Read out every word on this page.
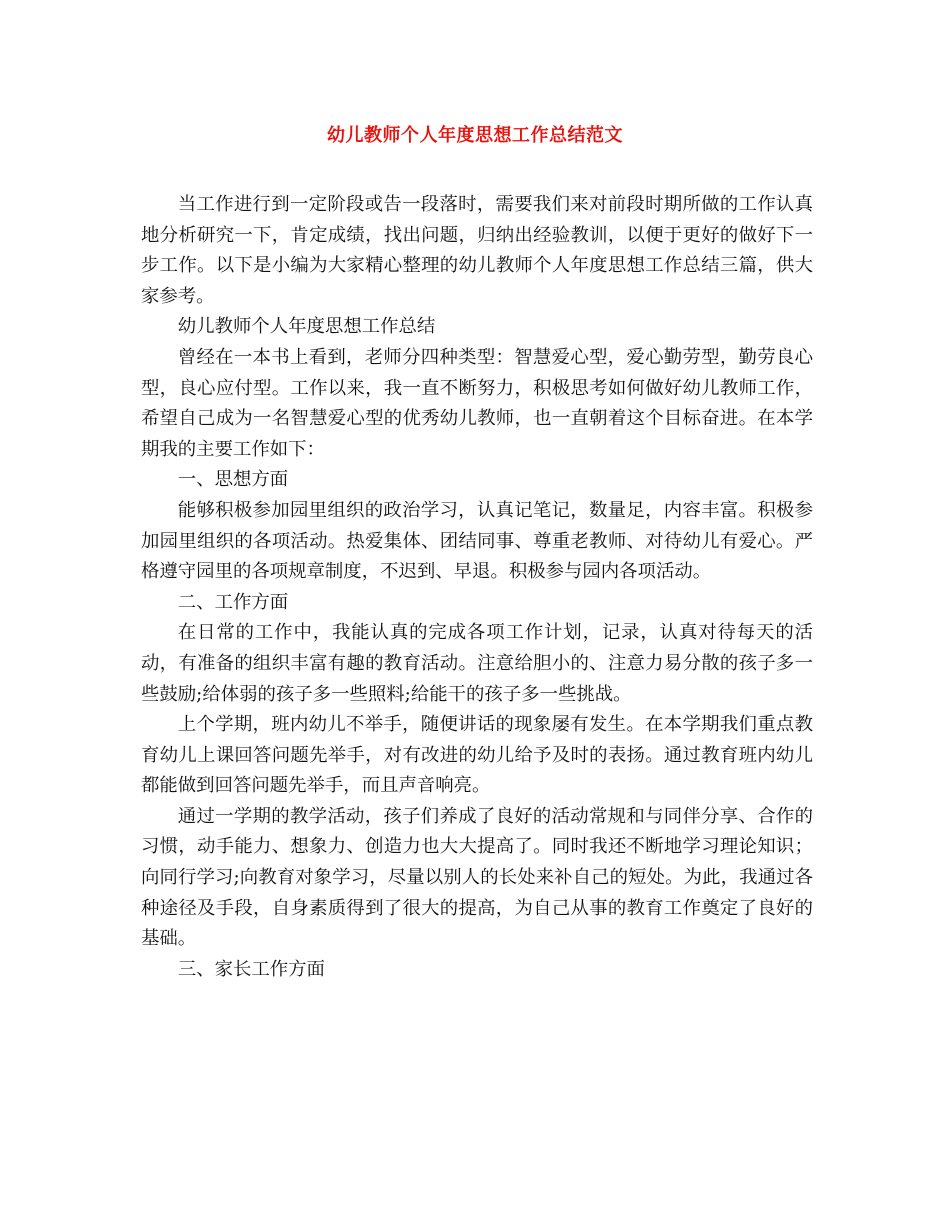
幼儿教师个人年度思想工作总结范文

当工作进行到一定阶段或告一段落时，需要我们来对前段时期所做的工作认真地分析研究一下，肯定成绩，找出问题，归纳出经验教训，以便于更好的做好下一步工作。以下是小编为大家精心整理的幼儿教师个人年度思想工作总结三篇，供大家参考。

幼儿教师个人年度思想工作总结

曾经在一本书上看到，老师分四种类型：智慧爱心型，爱心勤劳型，勤劳良心型，良心应付型。工作以来，我一直不断努力，积极思考如何做好幼儿教师工作，希望自己成为一名智慧爱心型的优秀幼儿教师，也一直朝着这个目标奋进。在本学期我的主要工作如下：

一、思想方面

能够积极参加园里组织的政治学习，认真记笔记，数量足，内容丰富。积极参加园里组织的各项活动。热爱集体、团结同事、尊重老教师、对待幼儿有爱心。严格遵守园里的各项规章制度，不迟到、早退。积极参与园内各项活动。

二、工作方面

在日常的工作中，我能认真的完成各项工作计划，记录，认真对待每天的活动，有准备的组织丰富有趣的教育活动。注意给胆小的、注意力易分散的孩子多一些鼓励;给体弱的孩子多一些照料;给能干的孩子多一些挑战。

上个学期，班内幼儿不举手，随便讲话的现象屡有发生。在本学期我们重点教育幼儿上课回答问题先举手，对有改进的幼儿给予及时的表扬。通过教育班内幼儿都能做到回答问题先举手，而且声音响亮。

通过一学期的教学活动，孩子们养成了良好的活动常规和与同伴分享、合作的习惯，动手能力、想象力、创造力也大大提高了。同时我还不断地学习理论知识；向同行学习;向教育对象学习，尽量以别人的长处来补自己的短处。为此，我通过各种途径及手段，自身素质得到了很大的提高，为自己从事的教育工作奠定了良好的基础。

三、家长工作方面
